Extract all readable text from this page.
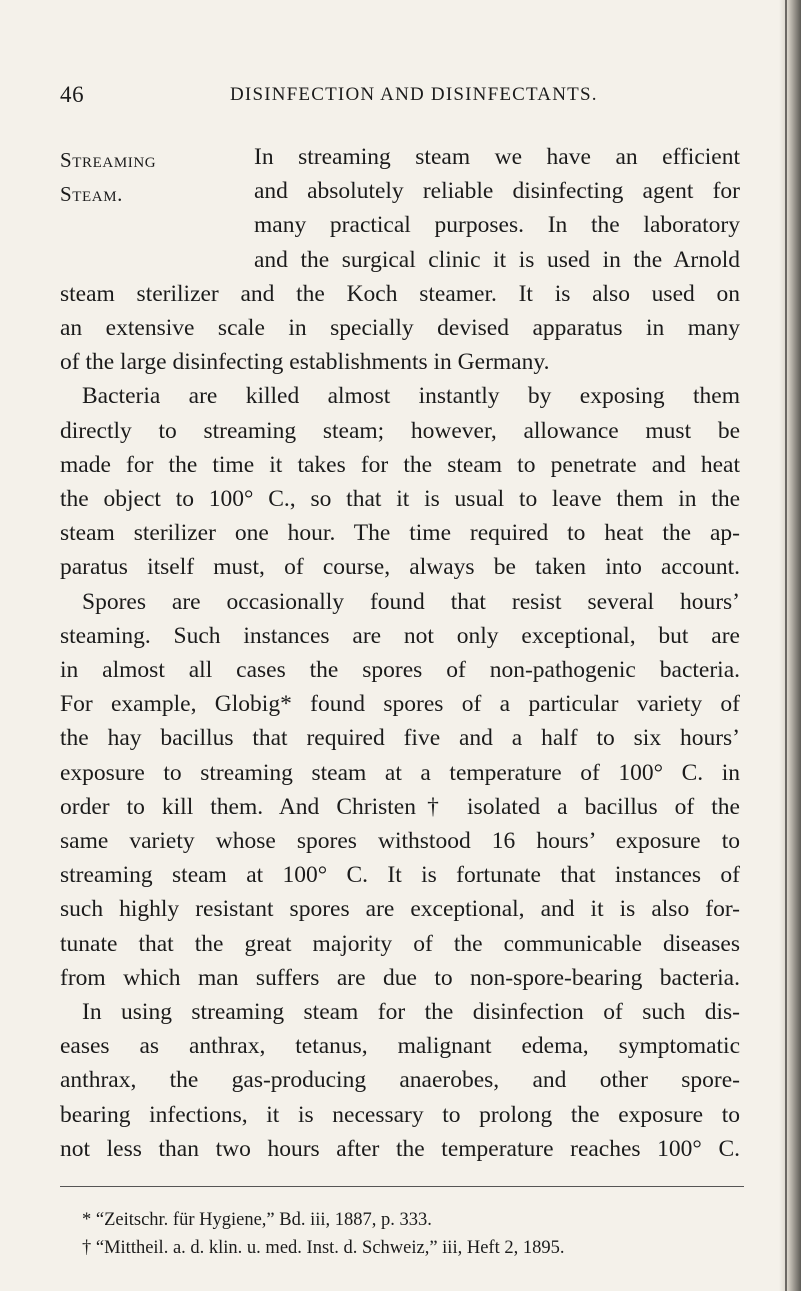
46	DISINFECTION AND DISINFECTANTS.
Streaming
Steam.
In streaming steam we have an efficient
and absolutely reliable disinfecting agent for
many practical purposes. In the laboratory
and the surgical clinic it is used in the Arnold
steam sterilizer and the Koch steamer. It is also used on
an extensive scale in specially devised apparatus in many
of the large disinfecting establishments in Germany.
Bacteria are killed almost instantly by exposing them
directly to streaming steam; however, allowance must be
made for the time it takes for the steam to penetrate and heat
the object to 100° C., so that it is usual to leave them in the
steam sterilizer one hour. The time required to heat the ap-
paratus itself must, of course, always be taken into account.
Spores are occasionally found that resist several hours’
steaming. Such instances are not only exceptional, but are
in almost all cases the spores of non-pathogenic bacteria.
For example, Globig* found spores of a particular variety of
the hay bacillus that required five and a half to six hours’
exposure to streaming steam at a temperature of 100° C. in
order to kill them. And Christen† isolated a bacillus of the
same variety whose spores withstood 16 hours’ exposure to
streaming steam at 100° C. It is fortunate that instances of
such highly resistant spores are exceptional, and it is also for-
tunate that the great majority of the communicable diseases
from which man suffers are due to non-spore-bearing bacteria.
In using streaming steam for the disinfection of such dis-
eases as anthrax, tetanus, malignant edema, symptomatic
anthrax, the gas-producing anaerobes, and other spore-
bearing infections, it is necessary to prolong the exposure to
not less than two hours after the temperature reaches 100° C.
* “Zeitschr. für Hygiene,” Bd. iii, 1887, p. 333.
† “Mittheil. a. d. klin. u. med. Inst. d. Schweiz,” iii, Heft 2, 1895.
